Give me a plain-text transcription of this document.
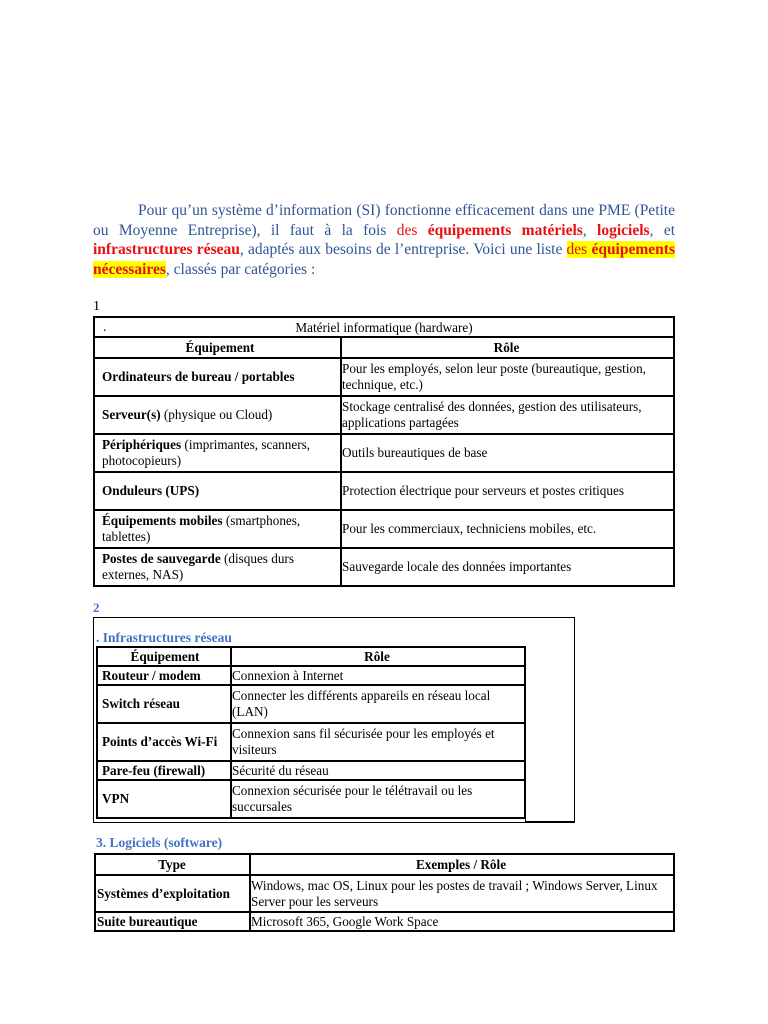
Pour qu’un système d’information (SI) fonctionne efficacement dans une PME (Petite ou Moyenne Entreprise), il faut à la fois des équipements matériels, logiciels, et infrastructures réseau, adaptés aux besoins de l’entreprise. Voici une liste des équipements nécessaires, classés par catégories :

1
. Matériel informatique (hardware)	
Équipement	Rôle
Ordinateurs de bureau / portables	Pour les employés, selon leur poste (bureautique, gestion, technique, etc.)
Serveur(s) (physique ou Cloud)	Stockage centralisé des données, gestion des utilisateurs, applications partagées
Périphériques (imprimantes, scanners, photocopieurs)	Outils bureautiques de base
Onduleurs (UPS)	Protection électrique pour serveurs et postes critiques
Équipements mobiles (smartphones, tablettes)	Pour les commerciaux, techniciens mobiles, etc.
Postes de sauvegarde (disques durs externes, NAS)	Sauvegarde locale des données importantes
2
. Infrastructures réseau
Équipement	Rôle
Routeur / modem	Connexion à Internet
Switch réseau	Connecter les différents appareils en réseau local (LAN)
Points d’accès Wi-Fi	Connexion sans fil sécurisée pour les employés et visiteurs
Pare-feu (firewall)	Sécurité du réseau
VPN	Connexion sécurisée pour le télétravail ou les succursales
3. Logiciels (software)
Type	Exemples / Rôle
Systèmes d’exploitation	Windows, mac OS, Linux pour les postes de travail ; Windows Server, Linux Server pour les serveurs
Suite bureautique	Microsoft 365, Google Work Space
